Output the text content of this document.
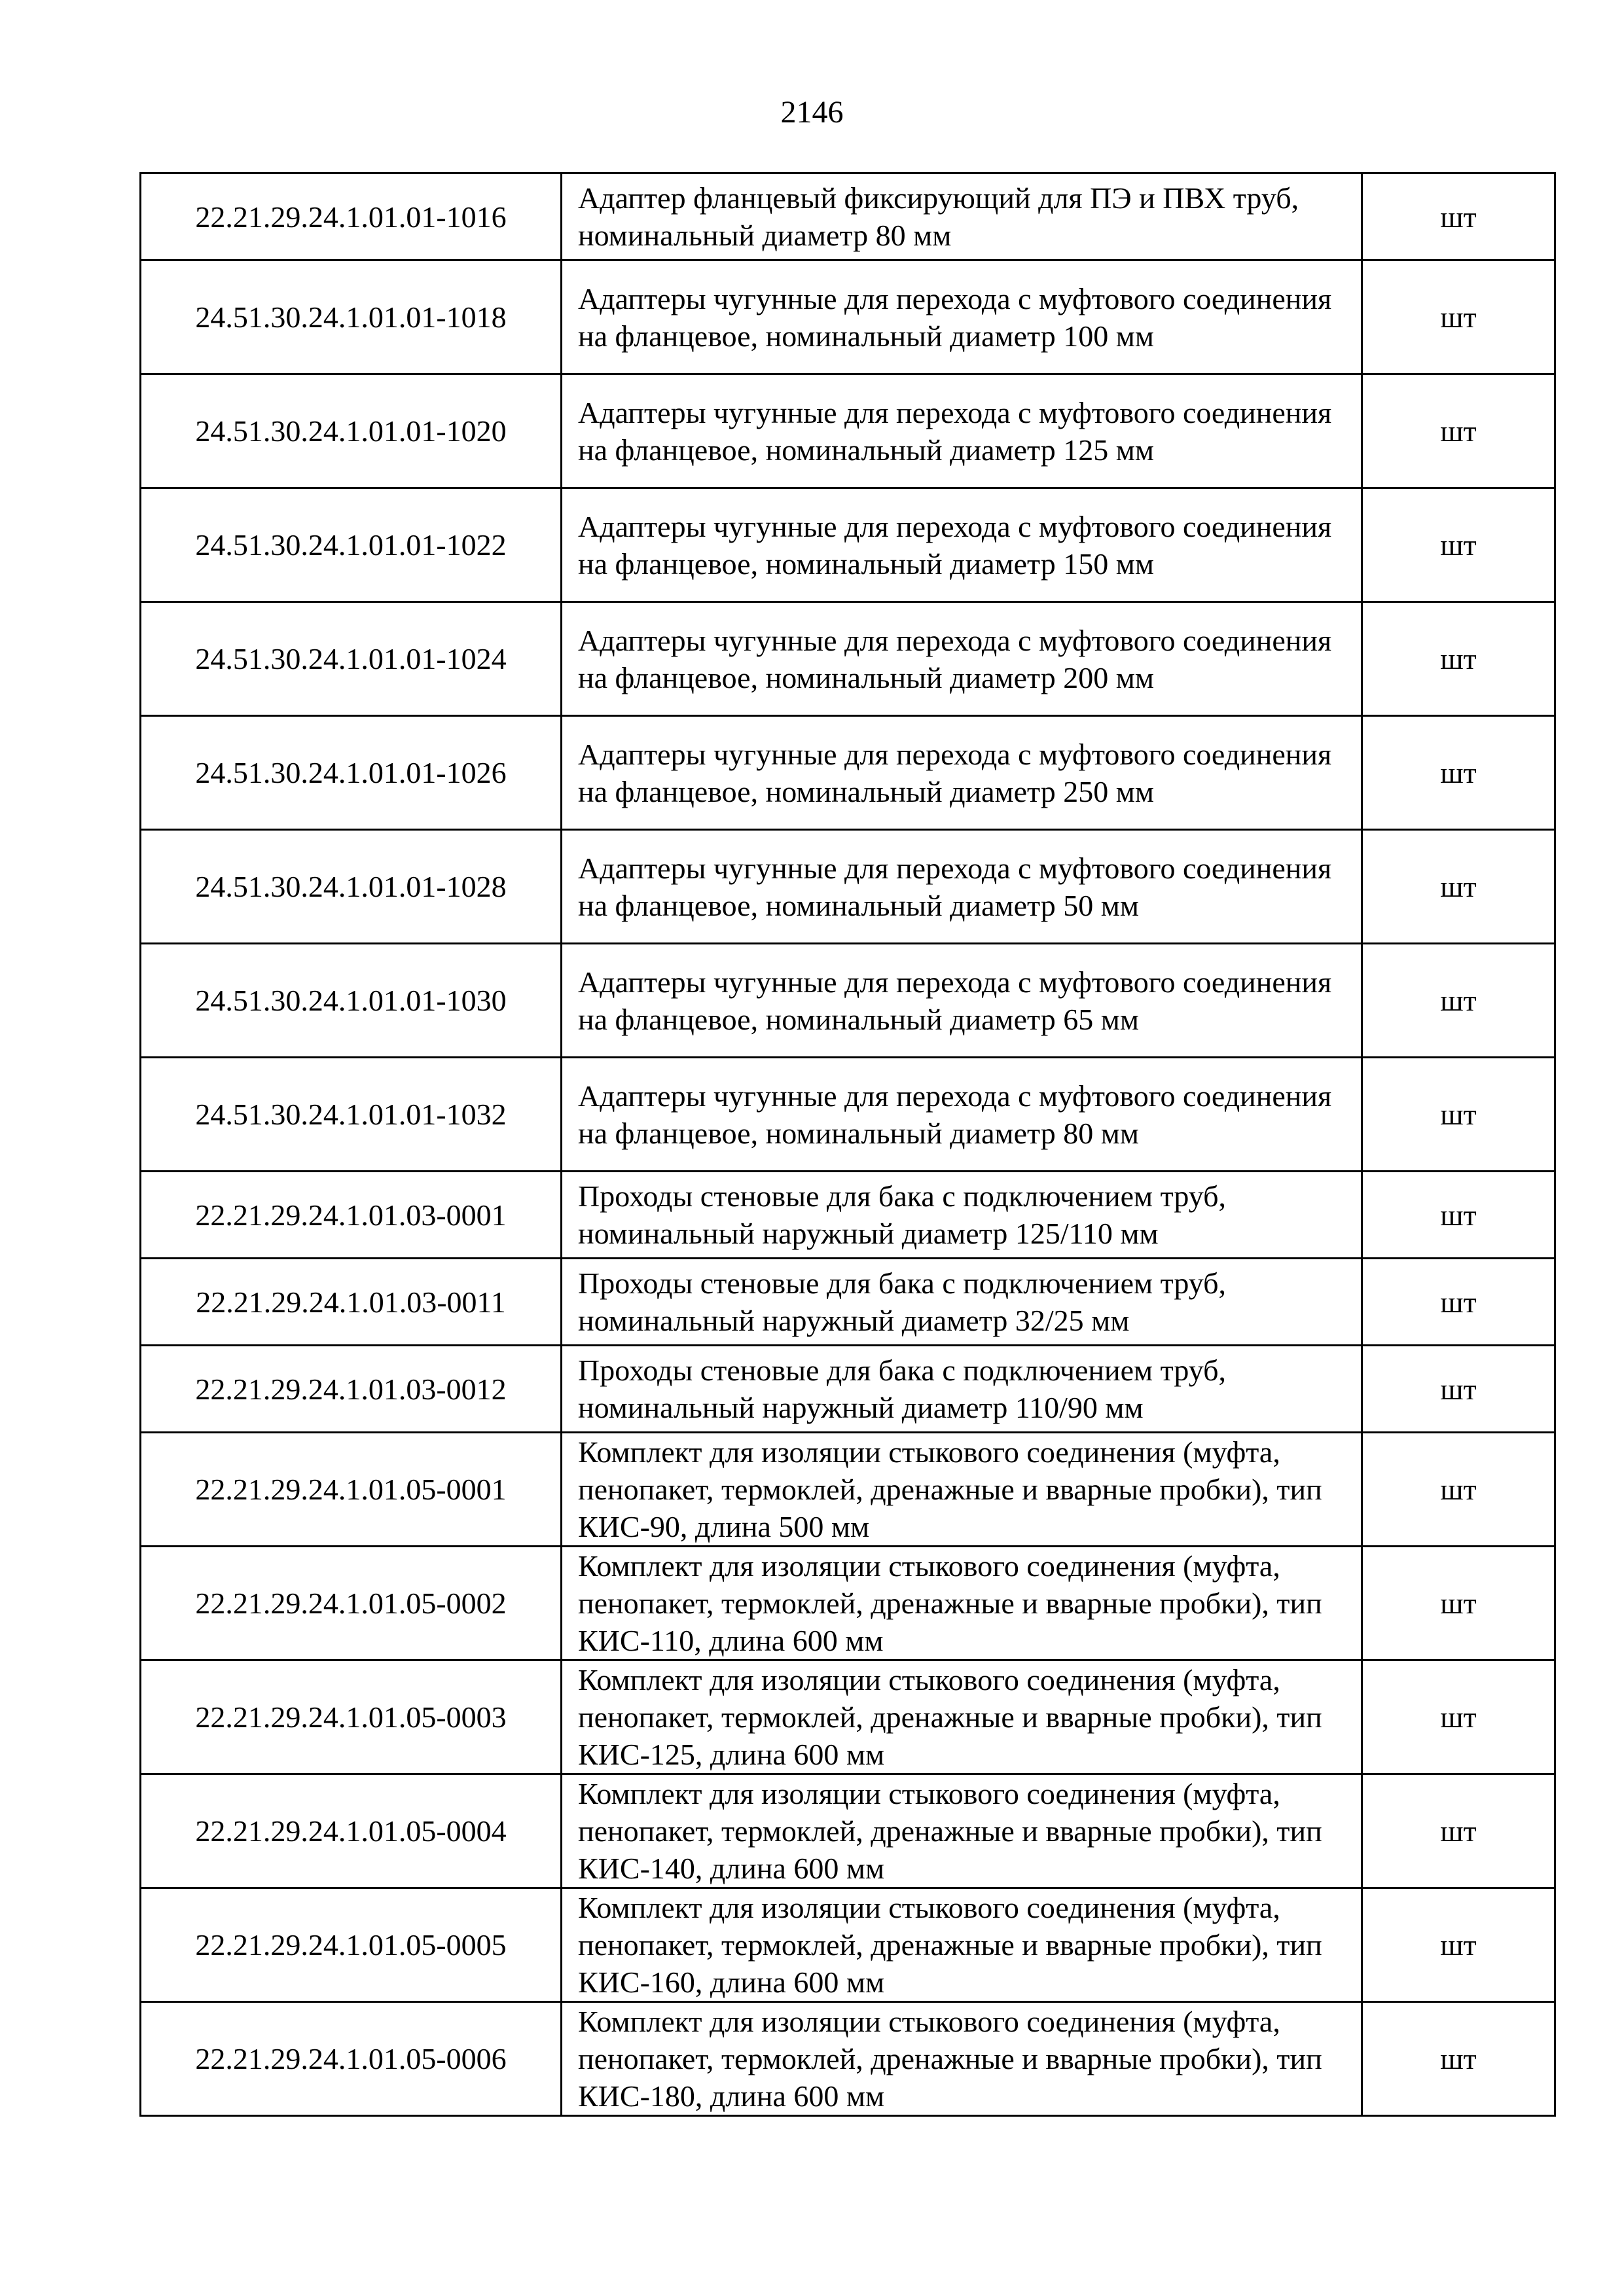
2146
22.21.29.24.1.01.01-1016	Адаптер фланцевый фиксирующий для ПЭ и ПВХ труб, номинальный диаметр 80 мм	шт
24.51.30.24.1.01.01-1018	Адаптеры чугунные для перехода с муфтового соединения на фланцевое, номинальный диаметр 100 мм	шт
24.51.30.24.1.01.01-1020	Адаптеры чугунные для перехода с муфтового соединения на фланцевое, номинальный диаметр 125 мм	шт
24.51.30.24.1.01.01-1022	Адаптеры чугунные для перехода с муфтового соединения на фланцевое, номинальный диаметр 150 мм	шт
24.51.30.24.1.01.01-1024	Адаптеры чугунные для перехода с муфтового соединения на фланцевое, номинальный диаметр 200 мм	шт
24.51.30.24.1.01.01-1026	Адаптеры чугунные для перехода с муфтового соединения на фланцевое, номинальный диаметр 250 мм	шт
24.51.30.24.1.01.01-1028	Адаптеры чугунные для перехода с муфтового соединения на фланцевое, номинальный диаметр 50 мм	шт
24.51.30.24.1.01.01-1030	Адаптеры чугунные для перехода с муфтового соединения на фланцевое, номинальный диаметр 65 мм	шт
24.51.30.24.1.01.01-1032	Адаптеры чугунные для перехода с муфтового соединения на фланцевое, номинальный диаметр 80 мм	шт
22.21.29.24.1.01.03-0001	Проходы стеновые для бака с подключением труб, номинальный наружный диаметр 125/110 мм	шт
22.21.29.24.1.01.03-0011	Проходы стеновые для бака с подключением труб, номинальный наружный диаметр 32/25 мм	шт
22.21.29.24.1.01.03-0012	Проходы стеновые для бака с подключением труб, номинальный наружный диаметр 110/90 мм	шт
22.21.29.24.1.01.05-0001	Комплект для изоляции стыкового соединения (муфта, пенопакет, термоклей, дренажные и вварные пробки), тип КИС-90, длина 500 мм	шт
22.21.29.24.1.01.05-0002	Комплект для изоляции стыкового соединения (муфта, пенопакет, термоклей, дренажные и вварные пробки), тип КИС-110, длина 600 мм	шт
22.21.29.24.1.01.05-0003	Комплект для изоляции стыкового соединения (муфта, пенопакет, термоклей, дренажные и вварные пробки), тип КИС-125, длина 600 мм	шт
22.21.29.24.1.01.05-0004	Комплект для изоляции стыкового соединения (муфта, пенопакет, термоклей, дренажные и вварные пробки), тип КИС-140, длина 600 мм	шт
22.21.29.24.1.01.05-0005	Комплект для изоляции стыкового соединения (муфта, пенопакет, термоклей, дренажные и вварные пробки), тип КИС-160, длина 600 мм	шт
22.21.29.24.1.01.05-0006	Комплект для изоляции стыкового соединения (муфта, пенопакет, термоклей, дренажные и вварные пробки), тип КИС-180, длина 600 мм	шт
